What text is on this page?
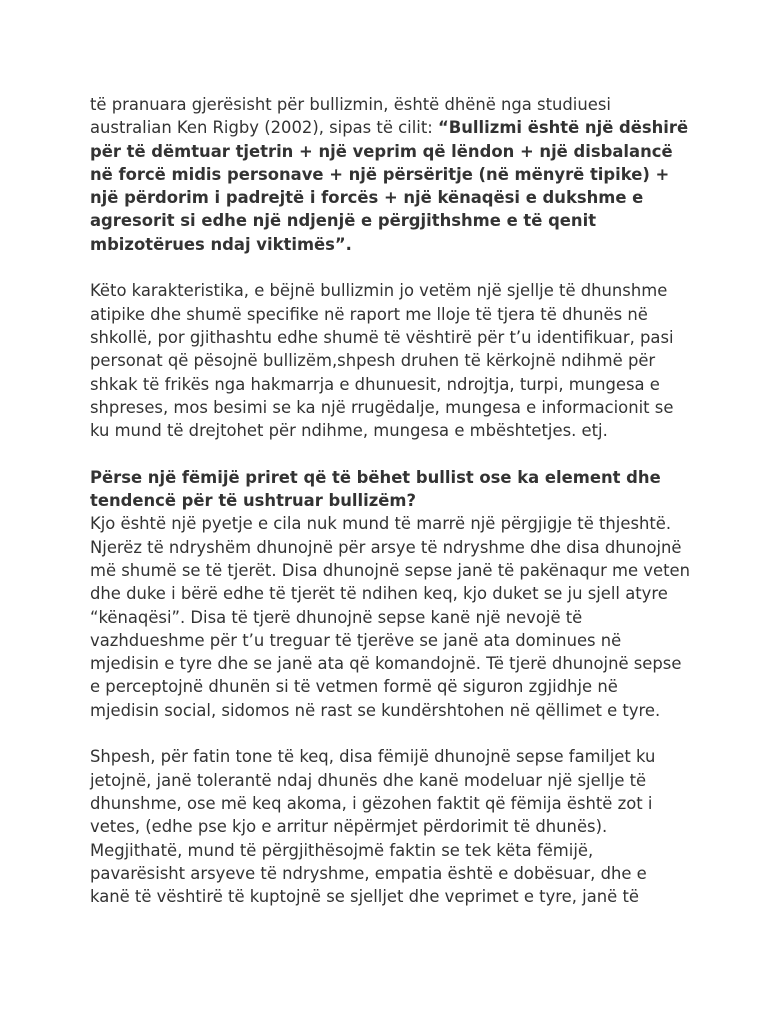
të pranuara gjerësisht për bullizmin, është dhënë nga studiuesi australian Ken Rigby (2002), sipas të cilit: “Bullizmi është një dëshirë për të dëmtuar tjetrin + një veprim që lëndon + një disbalancë në forcë midis personave + një përsëritje (në mënyrë tipike) + një përdorim i padrejtë i forcës + një kënaqësi e dukshme e agresorit si edhe një ndjenjë e përgjithshme e të qenit mbizotërues ndaj viktimës”.

Këto karakteristika, e bëjnë bullizmin jo vetëm një sjellje të dhunshme atipike dhe shumë specifike në raport me lloje të tjera të dhunës në shkollë, por gjithashtu edhe shumë të vështirë për t’u identifikuar, pasi personat që pësojnë bullizëm,shpesh druhen të kërkojnë ndihmë për shkak të frikës nga hakmarrja e dhunuesit, ndrojtja, turpi, mungesa e shpreses, mos besimi se ka një rrugëdalje, mungesa e informacionit se ku mund të drejtohet për ndihme, mungesa e mbështetjes. etj.

Përse një fëmijë priret që të bëhet bullist ose ka element dhe tendencë për të ushtruar bullizëm?

Kjo është një pyetje e cila nuk mund të marrë një përgjigje të thjeshtë. Njerëz të ndryshëm dhunojnë për arsye të ndryshme dhe disa dhunojnë më shumë se të tjerët. Disa dhunojnë sepse janë të pakënaqur me veten dhe duke i bërë edhe të tjerët të ndihen keq, kjo duket se ju sjell atyre “kënaqësi”. Disa të tjerë dhunojnë sepse kanë një nevojë të vazhdueshme për t’u treguar të tjerëve se janë ata dominues në mjedisin e tyre dhe se janë ata që komandojnë. Të tjerë dhunojnë sepse e perceptojnë dhunën si të vetmen formë që siguron zgjidhje në mjedisin social, sidomos në rast se kundërshtohen në qëllimet e tyre.

Shpesh, për fatin tone të keq, disa fëmijë dhunojnë sepse familjet ku jetojnë, janë tolerantë ndaj dhunës dhe kanë modeluar një sjellje të dhunshme, ose më keq akoma, i gëzohen faktit që fëmija është zot i vetes, (edhe pse kjo e arritur nëpërmjet përdorimit të dhunës). Megjithatë, mund të përgjithësojmë faktin se tek këta fëmijë, pavarësisht arsyeve të ndryshme, empatia është e dobësuar, dhe e kanë të vështirë të kuptojnë se sjelljet dhe veprimet e tyre, janë të
